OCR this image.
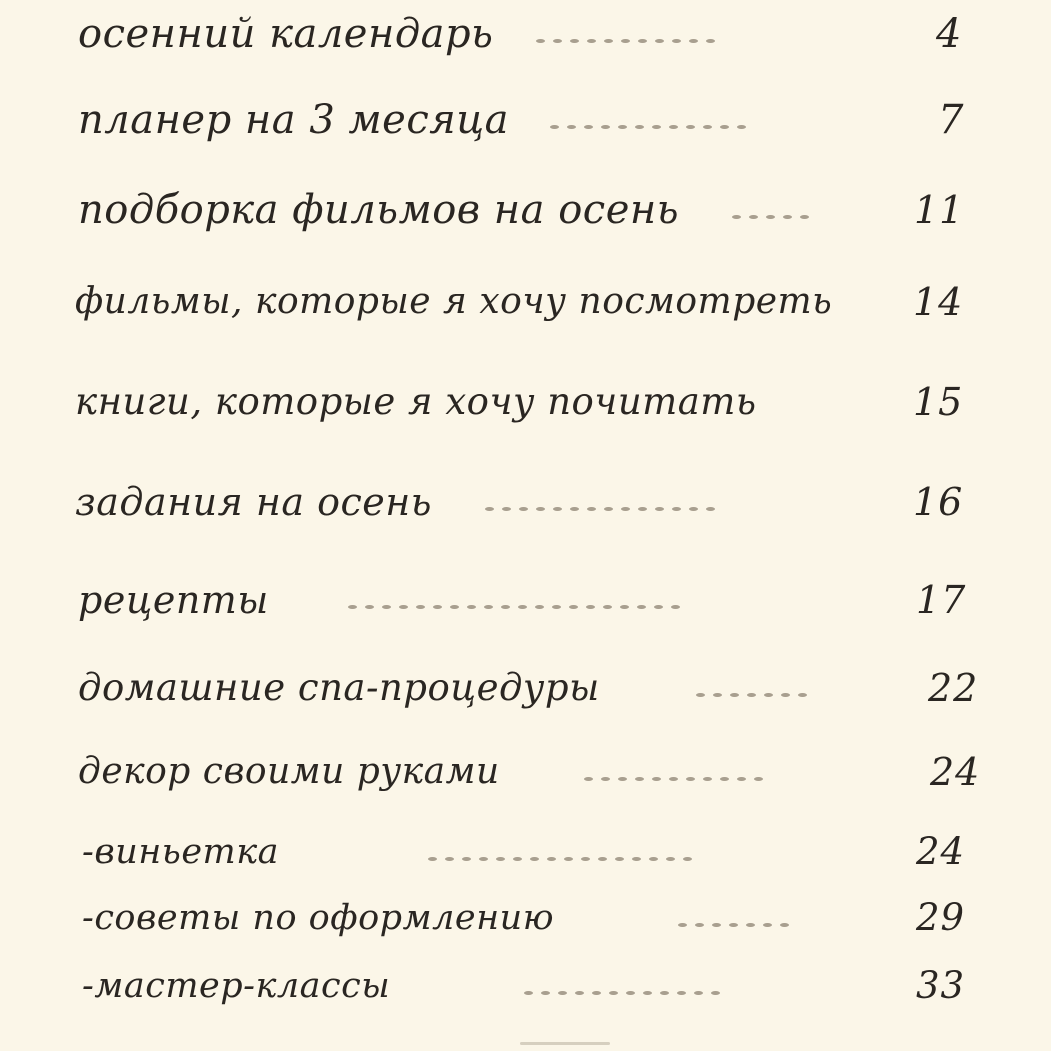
осенний календарь	4
планер на 3 месяца	7
подборка фильмов на осень	11
фильмы, которые я хочу посмотреть 14
книги, которые я хочу почитать	15
задания на осень	16
рецепты	17
домашние спа-процедуры	22
декор своими руками	24
-виньетка	24
-советы по оформлению	29
-мастер-классы	33
